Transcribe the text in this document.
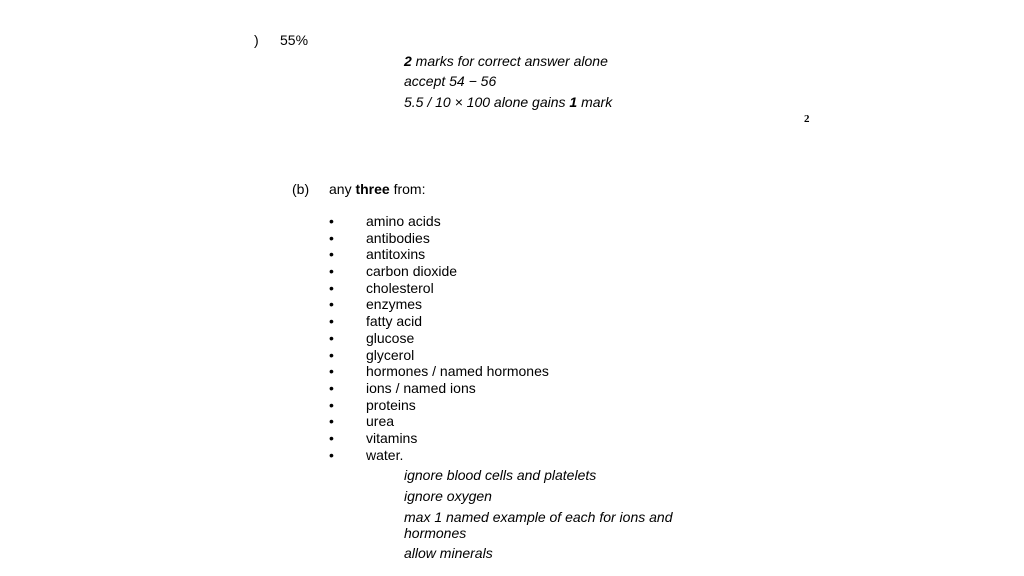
) 55%
2 marks for correct answer alone
accept 54 − 56
5.5 / 10 × 100 alone gains 1 mark
2
(b) any three from:
• amino acids
• antibodies
• antitoxins
• carbon dioxide
• cholesterol
• enzymes
• fatty acid
• glucose
• glycerol
• hormones / named hormones
• ions / named ions
• proteins
• urea
• vitamins
• water.
ignore blood cells and platelets
ignore oxygen
max 1 named example of each for ions and hormones
allow minerals
